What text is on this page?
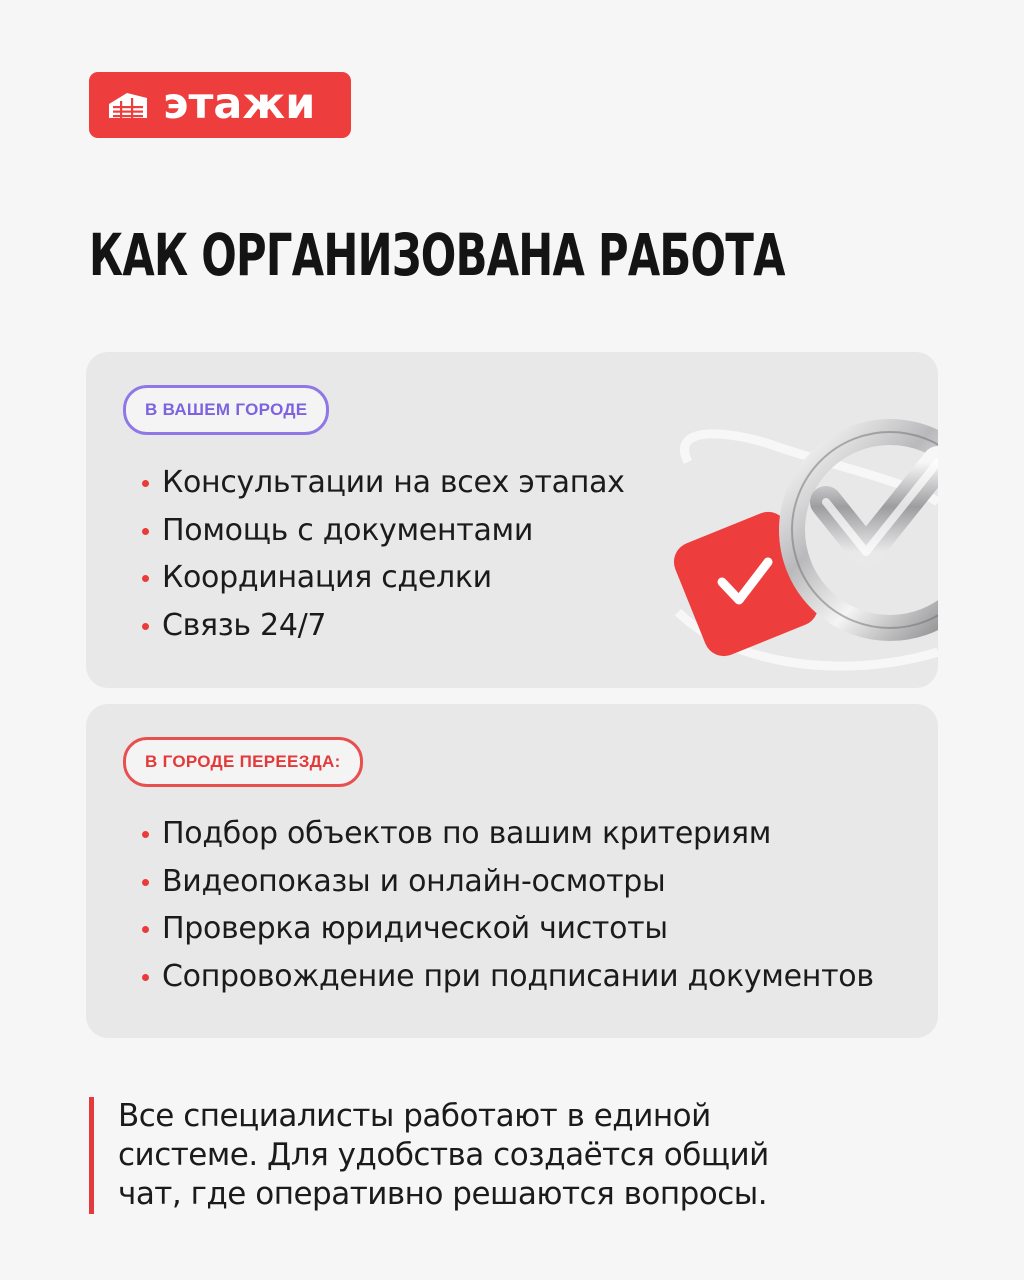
этажи
КАК ОРГАНИЗОВАНА РАБОТА
В ВАШЕМ ГОРОДЕ
Консультации на всех этапах
Помощь с документами
Координация сделки
Связь 24/7
В ГОРОДЕ ПЕРЕЕЗДА:
Подбор объектов по вашим критериям
Видеопоказы и онлайн-осмотры
Проверка юридической чистоты
Сопровождение при подписании документов

Все специалисты работают в единой

системе. Для удобства создаётся общий

чат, где оперативно решаются вопросы.
